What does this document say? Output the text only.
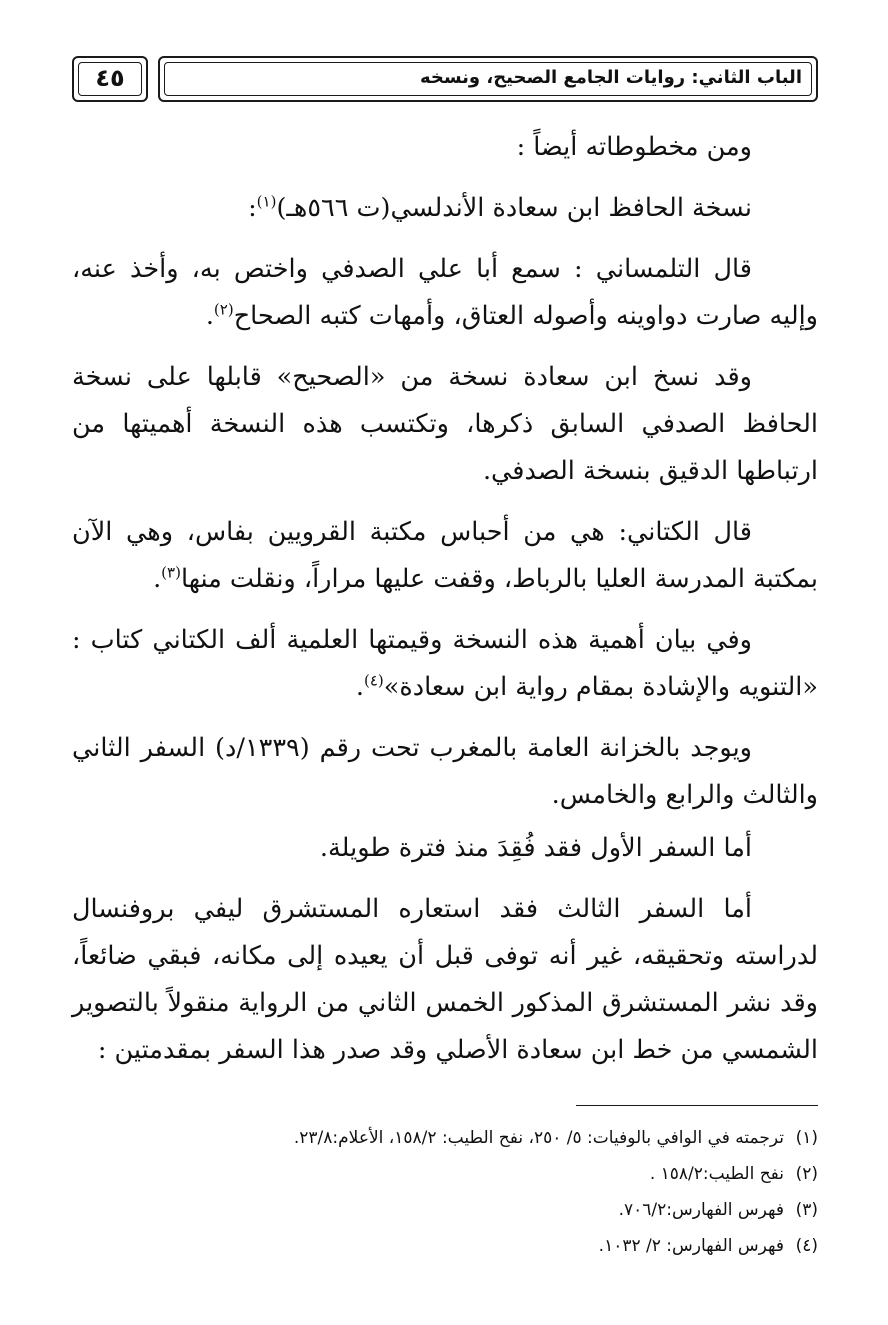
الباب الثاني: روايات الجامع الصحيح، ونسخه
٤٥

ومن مخطوطاته أيضاً :

نسخة الحافظ ابن سعادة الأندلسي(ت ٥٦٦هـ)$^{(١)}$:

قال التلمساني : سمع أبا علي الصدفي واختص به، وأخذ عنه، وإليه صارت دواوينه وأصوله العتاق، وأمهات كتبه الصحاح$^{(٢)}$.

وقد نسخ ابن سعادة نسخة من «الصحيح» قابلها على نسخة الحافظ الصدفي السابق ذكرها، وتكتسب هذه النسخة أهميتها من ارتباطها الدقيق بنسخة الصدفي.

قال الكتاني: هي من أحباس مكتبة القرويين بفاس، وهي الآن بمكتبة المدرسة العليا بالرباط، وقفت عليها مراراً، ونقلت منها$^{(٣)}$.

وفي بيان أهمية هذه النسخة وقيمتها العلمية ألف الكتاني كتاب : «التنويه والإشادة بمقام رواية ابن سعادة»$^{(٤)}$.

ويوجد بالخزانة العامة بالمغرب تحت رقم (١٣٣٩/د) السفر الثاني والثالث والرابع والخامس.

أما السفر الأول فقد فُقِدَ منذ فترة طويلة.

أما السفر الثالث فقد استعاره المستشرق ليفي بروفنسال لدراسته وتحقيقه، غير أنه توفى قبل أن يعيده إلى مكانه، فبقي ضائعاً، وقد نشر المستشرق المذكور الخمس الثاني من الرواية منقولاً بالتصوير الشمسي من خط ابن سعادة الأصلي وقد صدر هذا السفر بمقدمتين :

(١)ترجمته في الوافي بالوفيات: ٥/ ٢٥٠، نفح الطيب: ١٥٨/٢، الأعلام:٢٣/٨.
(٢)نفح الطيب:١٥٨/٢ .
(٣)فهرس الفهارس:٧٠٦/٢.
(٤)فهرس الفهارس: ٢/ ١٠٣٢.
